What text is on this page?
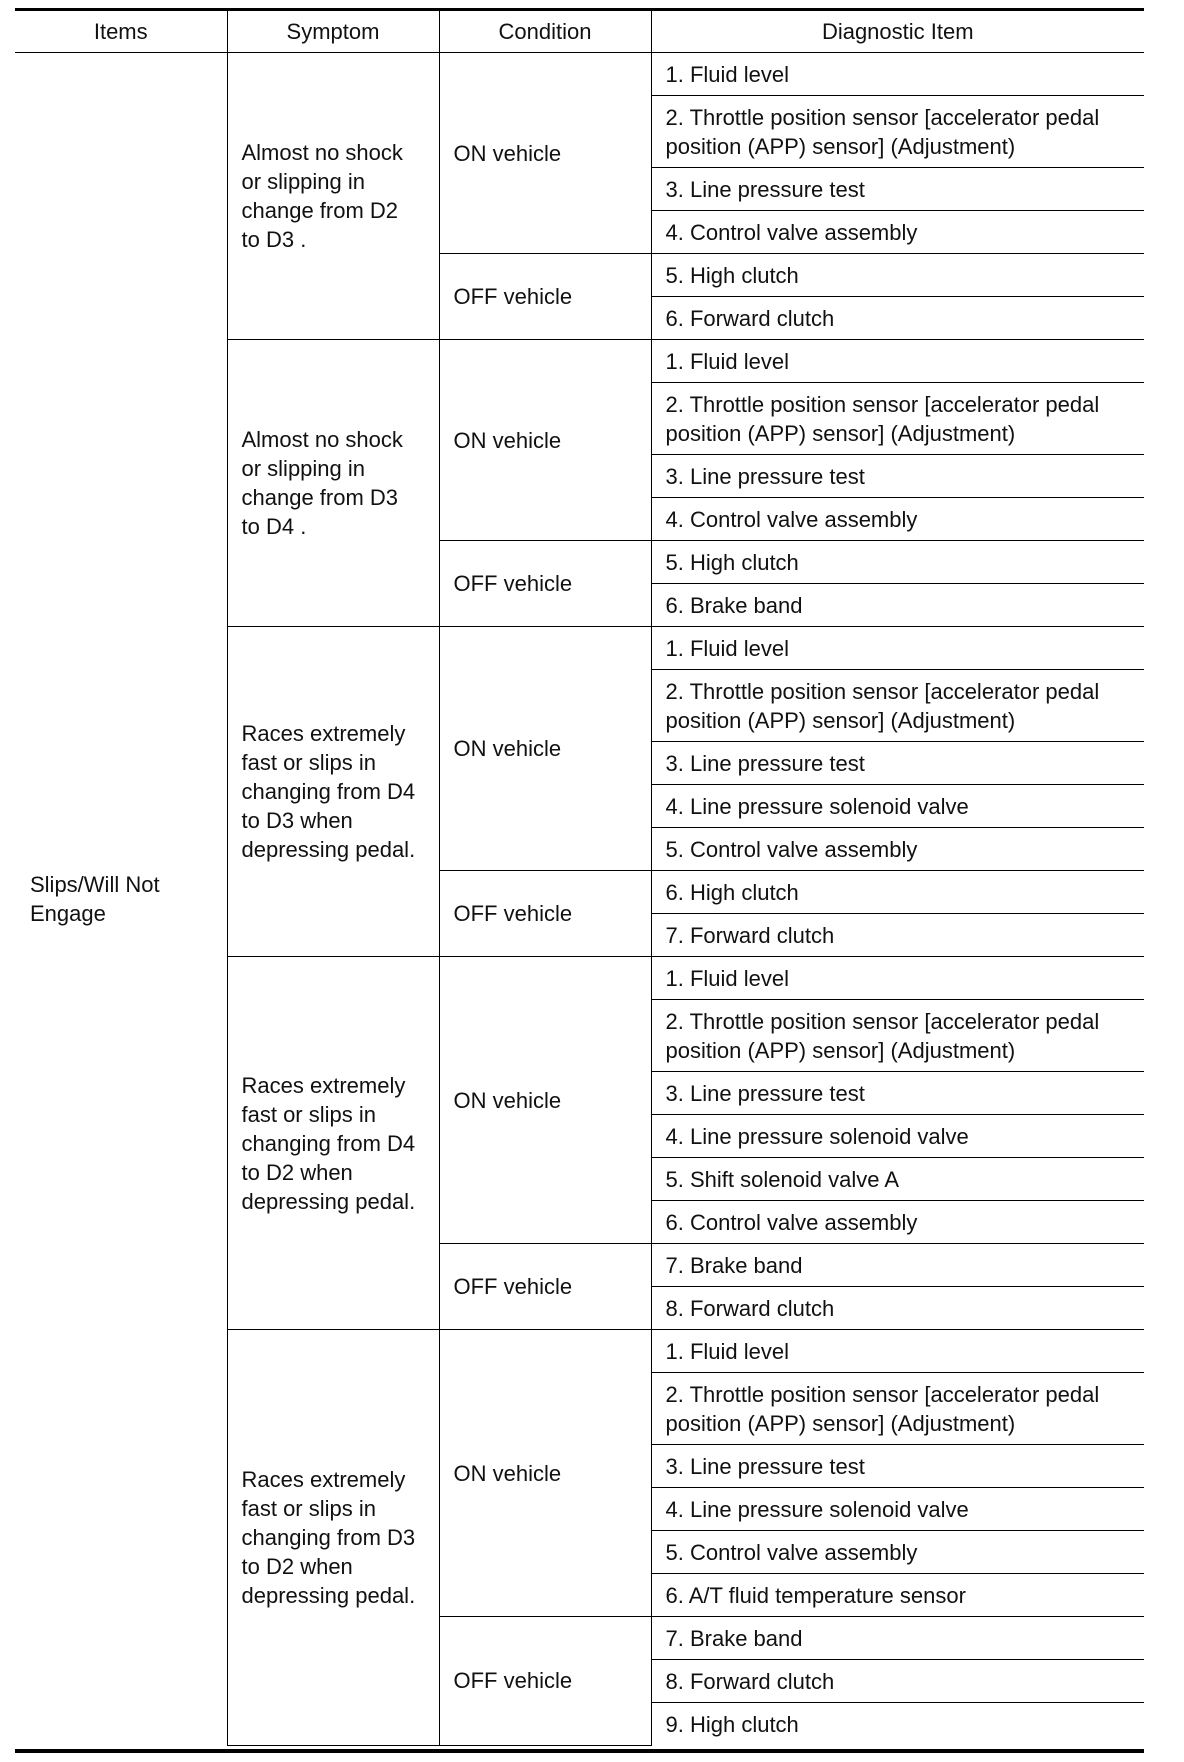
Items	Symptom	Condition	Diagnostic Item
Slips/Will Not Engage	Almost no shock
or slipping in
change from D2
to D3 .	ON vehicle	1. Fluid level
			2. Throttle position sensor [accelerator pedal position (APP) sensor] (Adjustment)
			3. Line pressure test
			4. Control valve assembly
		OFF vehicle	5. High clutch
			6. Forward clutch

	Almost no shock
or slipping in
change from D3
to D4 .	ON vehicle	1. Fluid level
			2. Throttle position sensor [accelerator pedal position (APP) sensor] (Adjustment)
			3. Line pressure test
			4. Control valve assembly
		OFF vehicle	5. High clutch
			6. Brake band

	Races extremely
fast or slips in
changing from D4
to D3 when
depressing pedal.	ON vehicle	1. Fluid level
			2. Throttle position sensor [accelerator pedal position (APP) sensor] (Adjustment)
			3. Line pressure test
			4. Line pressure solenoid valve
			5. Control valve assembly
		OFF vehicle	6. High clutch
			7. Forward clutch

	Races extremely
fast or slips in
changing from D4
to D2 when
depressing pedal.	ON vehicle	1. Fluid level
			2. Throttle position sensor [accelerator pedal position (APP) sensor] (Adjustment)
			3. Line pressure test
			4. Line pressure solenoid valve
			5. Shift solenoid valve A
			6. Control valve assembly
		OFF vehicle	7. Brake band
			8. Forward clutch

	Races extremely
fast or slips in
changing from D3
to D2 when
depressing pedal.	ON vehicle	1. Fluid level
			2. Throttle position sensor [accelerator pedal position (APP) sensor] (Adjustment)
			3. Line pressure test
			4. Line pressure solenoid valve
			5. Control valve assembly
			6. A/T fluid temperature sensor
		OFF vehicle	7. Brake band
			8. Forward clutch
			9. High clutch
